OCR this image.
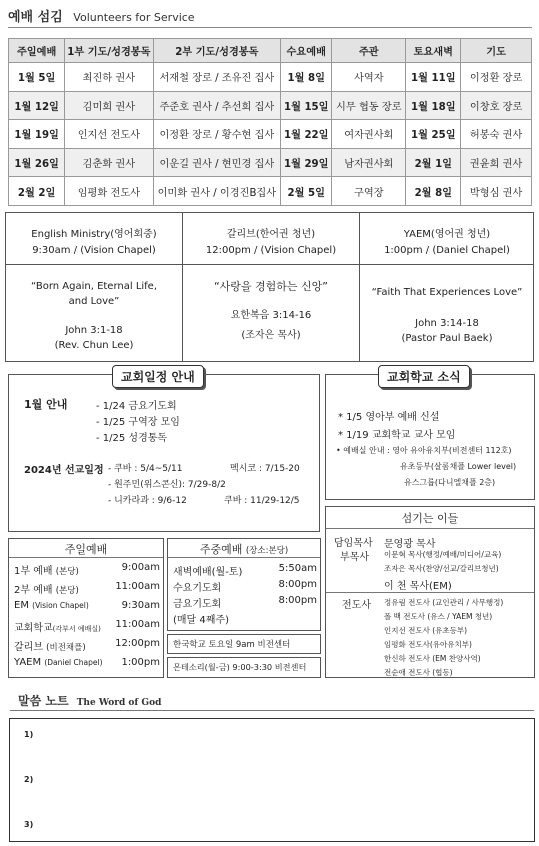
예배 섬김 Volunteers for Service
주일예배	1부 기도/성경봉독	2부 기도/성경봉독	수요예배	주관	토요새벽	기도
1월 5일	최진하 권사	서재철 장로 / 조유진 집사	1월 8일	사역자	1월 11일	이정환 장로
1월 12일	김미희 권사	주준호 권사 / 추선희 집사	1월 15일	시무 협동 장로	1월 18일	이창호 장로
1월 19일	인지선 전도사	이정환 장로 / 황수현 집사	1월 22일	여자권사회	1월 25일	허봉숙 권사
1월 26일	김춘화 권사	이운길 권사 / 현민경 집사	1월 29일	남자권사회	2월 1일	권윤희 권사
2월 2일	임평화 전도사	이미화 권사 / 이경진B집사	2월 5일	구역장	2월 8일	박형심 권사
English Ministry(영어회중)
9:30am / (Vision Chapel)
“Born Again, Eternal Life,
and Love”
John 3:1-18
(Rev. Chun Lee)
갈리브(한어권 청년)
12:00pm / (Vision Chapel)
“사랑을 경험하는 신앙”
요한복음 3:14-16
(조자은 목사)
YAEM(영어권 청년)
1:00pm / (Daniel Chapel)
“Faith That Experiences Love”
John 3:14-18
(Pastor Paul Baek)
교회일정 안내
1월 안내	- 1/24 금요기도회
- 1/25 구역장 모임
- 1/25 성경통독
2024년 선교일정 - 쿠바 : 5/4~5/11	멕시코 : 7/15-20
- 원주민(위스콘신): 7/29-8/2
- 니카라과 : 9/6-12	쿠바 : 11/29-12/5
교회학교 소식
* 1/5 영아부 예배 신설
* 1/19 교회학교 교사 모임
• 예배실 안내 : 영아 유아유치부(비전센터 112호)
유초등부(살롬채플 Lower level)
유스그룹(다니엘채플 2층)
섬기는 이들
담임목사 문영광 목사
부목사 이문혁 목사(행정/예배/미디어/교육)
조자은 목사(찬양/선교/갈리브청년)
이 천 목사(EM)
전도사 정유림 전도사 (교인관리 / 사무행정)
폴 백 전도사 (유스 / YAEM 청년)
인지선 전도사 (유초등부)
임평화 전도사(유아유치부)
한신하 전도사 (EM 찬양사역)
전순애 전도사 (협동)
주일예배
1부 예배 (본당)	9:00am
2부 예배 (본당)	11:00am
EM (Vision Chapel)	9:30am
교회학교(각부서 예배실) 11:00am
갈리브 (비전채플)	12:00pm
YAEM (Daniel Chapel) 1:00pm
주중예배 (장소:본당)
새벽예배(월-토)	5:50am
수요기도회	8:00pm
금요기도회	8:00pm
(매달 4째주)
한국학교 토요일 9am 비전센터
몬테소리(월-금) 9:00-3:30 비전센터
말씀 노트 The Word of God
1)
2)
3)
